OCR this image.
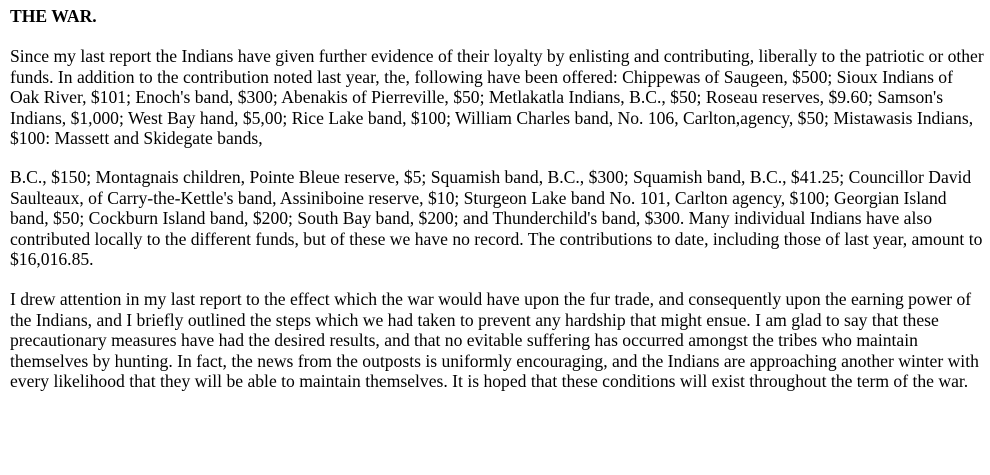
THE WAR.

Since my last report the Indians have given further evidence of their loyalty by enlisting and contributing, liberally to the patriotic or other funds. In addition to the contribution noted last year, the, following have been offered: Chippewas of Saugeen, $500; Sioux Indians of Oak River, $101; Enoch's band, $300; Abenakis of Pierreville, $50; Metlakatla Indians, B.C., $50; Roseau reserves, $9.60; Samson's Indians, $1,000; West Bay hand, $5,00; Rice Lake band, $100; William Charles band, No. 106, Carlton,agency, $50; Mistawasis Indians, $100: Massett and Skidegate bands,

B.C., $150; Montagnais children, Pointe Bleue reserve, $5; Squamish band, B.C., $300; Squamish band, B.C., $41.25; Councillor David Saulteaux, of Carry-the-Kettle's band, Assiniboine reserve, $10; Sturgeon Lake band No. 101, Carlton agency, $100; Georgian Island band, $50; Cockburn Island band, $200; South Bay band, $200; and Thunderchild's band, $300. Many individual Indians have also contributed locally to the different funds, but of these we have no record. The contributions to date, including those of last year, amount to $16,016.85.

I drew attention in my last report to the effect which the war would have upon the fur trade, and consequently upon the earning power of the Indians, and I briefly outlined the steps which we had taken to prevent any hardship that might ensue. I am glad to say that these precautionary measures have had the desired results, and that no evitable suffering has occurred amongst the tribes who maintain themselves by hunting. In fact, the news from the outposts is uniformly encouraging, and the Indians are approaching another winter with every likelihood that they will be able to maintain themselves. It is hoped that these conditions will exist throughout the term of the war.
